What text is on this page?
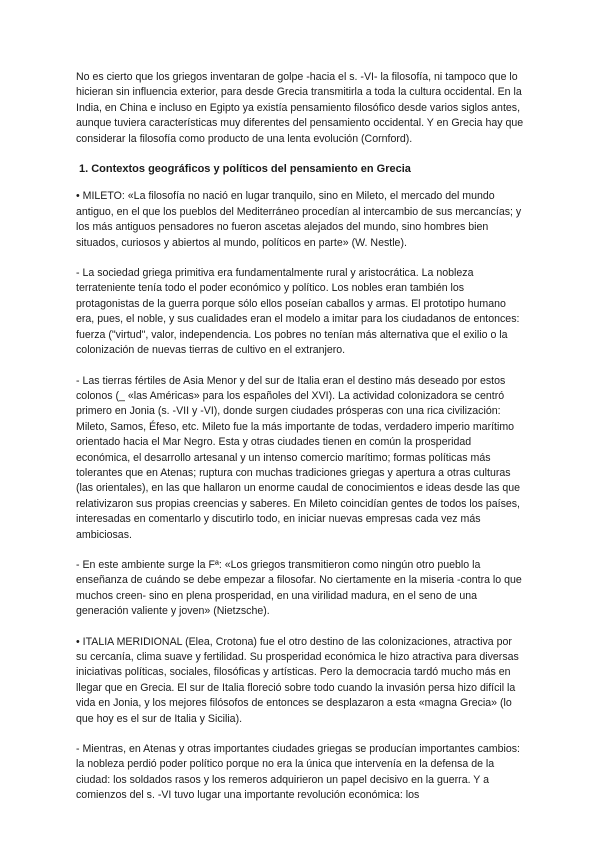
No es cierto que los griegos inventaran de golpe -hacia el s. -VI- la filosofía, ni tampoco que lo hicieran sin influencia exterior, para desde Grecia transmitirla a toda la cultura occidental. En la India, en China e incluso en Egipto ya existía pensamiento filosófico desde varios siglos antes, aunque tuviera características muy diferentes del pensamiento occidental. Y en Grecia hay que considerar la filosofía como producto de una lenta evolución (Cornford).

1. Contextos geográficos y políticos del pensamiento en Grecia

• MILETO: «La filosofía no nació en lugar tranquilo, sino en Mileto, el mercado del mundo antiguo, en el que los pueblos del Mediterráneo procedían al intercambio de sus mercancías; y los más antiguos pensadores no fueron ascetas alejados del mundo, sino hombres bien situados, curiosos y abiertos al mundo, políticos en parte» (W. Nestle).

- La sociedad griega primitiva era fundamentalmente rural y aristocrática. La nobleza terrateniente tenía todo el poder económico y político. Los nobles eran también los protagonistas de la guerra porque sólo ellos poseían caballos y armas. El prototipo humano era, pues, el noble, y sus cualidades eran el modelo a imitar para los ciudadanos de entonces: fuerza ("virtud", valor, independencia. Los pobres no tenían más alternativa que el exilio o la colonización de nuevas tierras de cultivo en el extranjero.

- Las tierras fértiles de Asia Menor y del sur de Italia eran el destino más deseado por estos colonos (_ «las Américas» para los españoles del XVI). La actividad colonizadora se centró primero en Jonia (s. -VII y -VI), donde surgen ciudades prósperas con una rica civilización: Mileto, Samos, Éfeso, etc. Mileto fue la más importante de todas, verdadero imperio marítimo orientado hacia el Mar Negro. Esta y otras ciudades tienen en común la prosperidad económica, el desarrollo artesanal y un intenso comercio marítimo; formas políticas más tolerantes que en Atenas; ruptura con muchas tradiciones griegas y apertura a otras culturas (las orientales), en las que hallaron un enorme caudal de conocimientos e ideas desde las que relativizaron sus propias creencias y saberes. En Mileto coincidían gentes de todos los países, interesadas en comentarlo y discutirlo todo, en iniciar nuevas empresas cada vez más ambiciosas.

- En este ambiente surge la Fª: «Los griegos transmitieron como ningún otro pueblo la enseñanza de cuándo se debe empezar a filosofar. No ciertamente en la miseria -contra lo que muchos creen- sino en plena prosperidad, en una virilidad madura, en el seno de una generación valiente y joven» (Nietzsche).

• ITALIA MERIDIONAL (Elea, Crotona) fue el otro destino de las colonizaciones, atractiva por su cercanía, clima suave y fertilidad. Su prosperidad económica le hizo atractiva para diversas iniciativas políticas, sociales, filosóficas y artísticas. Pero la democracia tardó mucho más en llegar que en Grecia. El sur de Italia floreció sobre todo cuando la invasión persa hizo difícil la vida en Jonia, y los mejores filósofos de entonces se desplazaron a esta «magna Grecia» (lo que hoy es el sur de Italia y Sicilia).

- Mientras, en Atenas y otras importantes ciudades griegas se producían importantes cambios: la nobleza perdió poder político porque no era la única que intervenía en la defensa de la ciudad: los soldados rasos y los remeros adquirieron un papel decisivo en la guerra. Y a comienzos del s. -VI tuvo lugar una importante revolución económica: los
